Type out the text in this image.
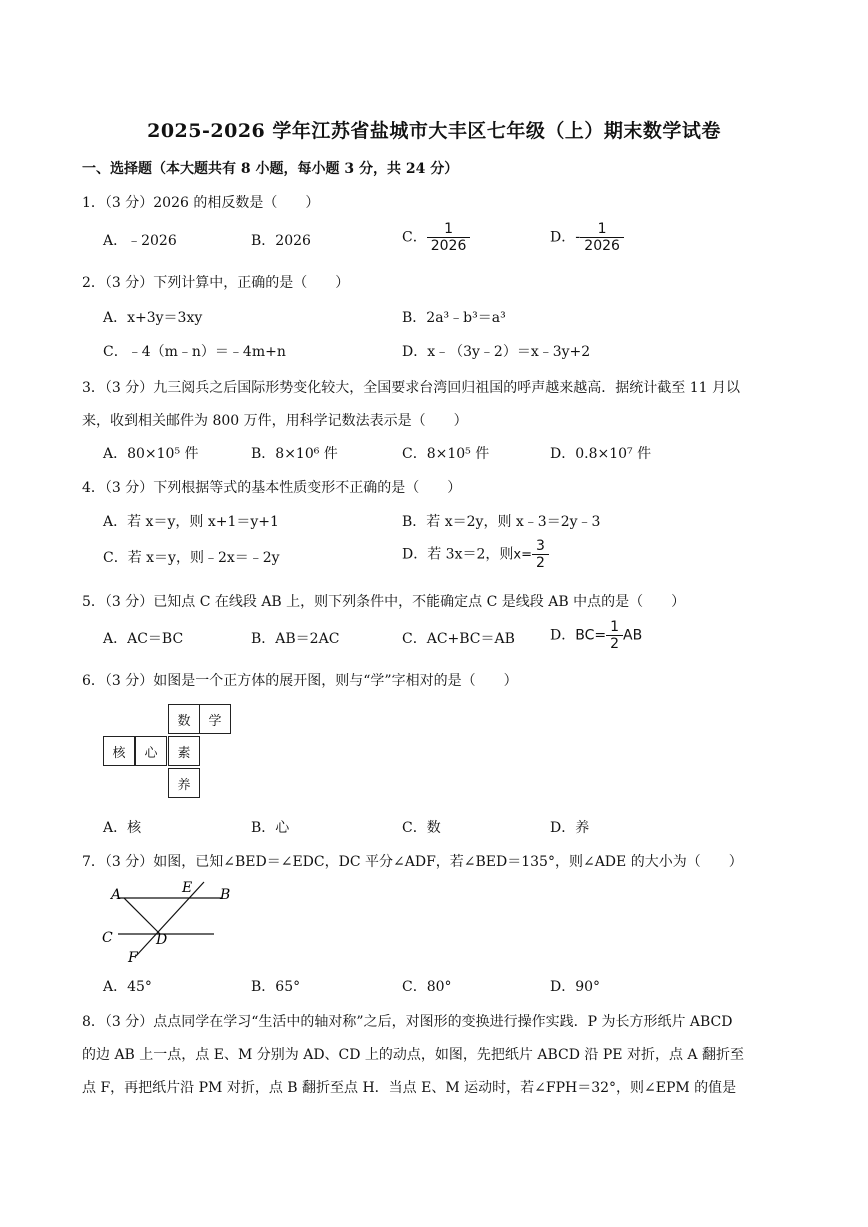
2025-2026 学年江苏省盐城市大丰区七年级（上）期末数学试卷
一、选择题（本大题共有 8 小题，每小题 3 分，共 24 分）
1．（3 分）2026 的相反数是（　　）
A．﹣2026	B．2026	C． $\frac{1}{2026}$	D．- $\frac{1}{2026}$
2．（3 分）下列计算中，正确的是（　　）
A．x+3y＝3xy	B．2a³﹣b³＝a³
C．﹣4（m﹣n）＝﹣4m+n	D．x﹣（3y﹣2）＝x﹣3y+2
3．（3 分）九三阅兵之后国际形势变化较大，全国要求台湾回归祖国的呼声越来越高．据统计截至 11 月以
来，收到相关邮件为 800 万件，用科学记数法表示是（　　）
A．80×10⁵ 件	B．8×10⁶ 件	C．8×10⁵ 件	D．0.8×10⁷ 件
4．（3 分）下列根据等式的基本性质变形不正确的是（　　）
A．若 x＝y，则 x+1＝y+1	B．若 x＝2y，则 x﹣3＝2y﹣3
C．若 x＝y，则﹣2x＝﹣2y	D．若 3x＝2，则$x= \frac{3}{2}$
5．（3 分）已知点 C 在线段 AB 上，则下列条件中，不能确定点 C 是线段 AB 中点的是（　　）
A．AC＝BC	B．AB＝2AC	C．AC+BC＝AB	D．$BC= \frac{1}{2}$ AB
6．（3 分）如图是一个正方体的展开图，则与“学”字相对的是（　　）
数	学
核	心	素
养
A．核	B．心	C．数	D．养
7．（3 分）如图，已知∠BED＝∠EDC，DC 平分∠ADF，若∠BED＝135°，则∠ADE 的大小为（　　）
A	E B
C	D
F
A．45°	B．65°	C．80°	D．90°
8．（3 分）点点同学在学习“生活中的轴对称”之后，对图形的变换进行操作实践．P 为长方形纸片 ABCD
的边 AB 上一点，点 E、M 分别为 AD、CD 上的动点，如图，先把纸片 ABCD 沿 PE 对折，点 A 翻折至
点 F，再把纸片沿 PM 对折，点 B 翻折至点 H．当点 E、M 运动时，若∠FPH＝32°，则∠EPM 的值是
